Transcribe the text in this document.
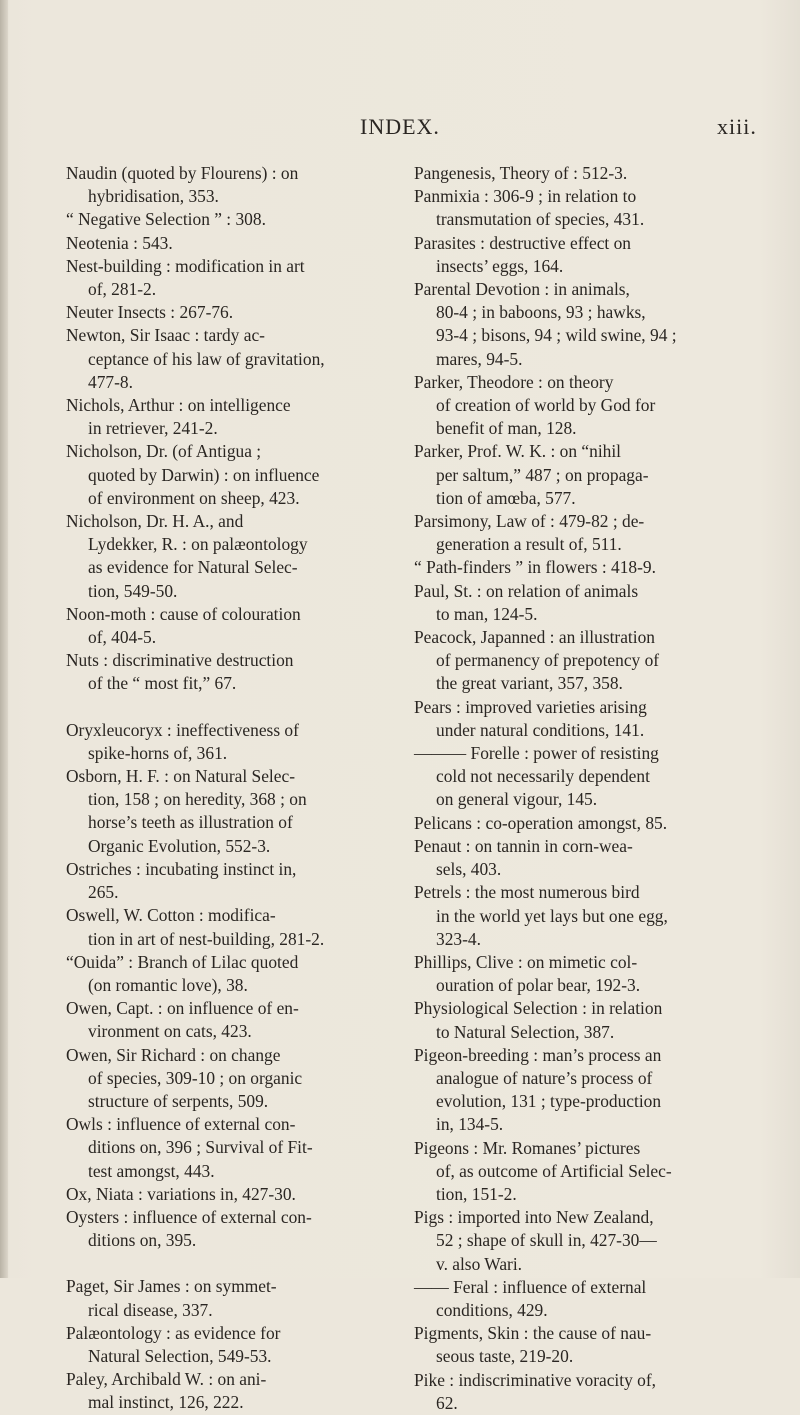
INDEX.	xiii.
Naudin (quoted by Flourens) : on
hybridisation, 353.
“ Negative Selection ” : 308.
Neotenia : 543.
Nest-building : modification in art
of, 281-2.
Neuter Insects : 267-76.
Newton, Sir Isaac : tardy ac-
ceptance of his law of gravitation,
477-8.
Nichols, Arthur : on intelligence
in retriever, 241-2.
Nicholson, Dr. (of Antigua ;
quoted by Darwin) : on influence
of environment on sheep, 423.
Nicholson, Dr. H. A., and
Lydekker, R. : on palæontology
as evidence for Natural Selec-
tion, 549-50.
Noon-moth : cause of colouration
of, 404-5.
Nuts : discriminative destruction
of the “ most fit,” 67.
Oryxleucoryx : ineffectiveness of
spike-horns of, 361.
Osborn, H. F. : on Natural Selec-
tion, 158 ; on heredity, 368 ; on
horse’s teeth as illustration of
Organic Evolution, 552-3.
Ostriches : incubating instinct in,
265.
Oswell, W. Cotton : modifica-
tion in art of nest-building, 281-2.
“Ouida” : Branch of Lilac quoted
(on romantic love), 38.
Owen, Capt. : on influence of en-
vironment on cats, 423.
Owen, Sir Richard : on change
of species, 309-10 ; on organic
structure of serpents, 509.
Owls : influence of external con-
ditions on, 396 ; Survival of Fit-
test amongst, 443.
Ox, Niata : variations in, 427-30.
Oysters : influence of external con-
ditions on, 395.
Paget, Sir James : on symmet-
rical disease, 337.
Palæontology : as evidence for
Natural Selection, 549-53.
Paley, Archibald W. : on ani-
mal instinct, 126, 222.
Pangenesis, Theory of : 512-3.
Panmixia : 306-9 ; in relation to
transmutation of species, 431.
Parasites : destructive effect on
insects’ eggs, 164.
Parental Devotion : in animals,
80-4 ; in baboons, 93 ; hawks,
93-4 ; bisons, 94 ; wild swine, 94 ;
mares, 94-5.
Parker, Theodore : on theory
of creation of world by God for
benefit of man, 128.
Parker, Prof. W. K. : on “nihil
per saltum,” 487 ; on propaga-
tion of amœba, 577.
Parsimony, Law of : 479-82 ; de-
generation a result of, 511.
“ Path-finders ” in flowers : 418-9.
Paul, St. : on relation of animals
to man, 124-5.
Peacock, Japanned : an illustration
of permanency of prepotency of
the great variant, 357, 358.
Pears : improved varieties arising
under natural conditions, 141.
——— Forelle : power of resisting
cold not necessarily dependent
on general vigour, 145.
Pelicans : co-operation amongst, 85.
Penaut : on tannin in corn-wea-
sels, 403.
Petrels : the most numerous bird
in the world yet lays but one egg,
323-4.
Phillips, Clive : on mimetic col-
ouration of polar bear, 192-3.
Physiological Selection : in relation
to Natural Selection, 387.
Pigeon-breeding : man’s process an
analogue of nature’s process of
evolution, 131 ; type-production
in, 134-5.
Pigeons : Mr. Romanes’ pictures
of, as outcome of Artificial Selec-
tion, 151-2.
Pigs : imported into New Zealand,
52 ; shape of skull in, 427-30—
v. also Wari.
—— Feral : influence of external
conditions, 429.
Pigments, Skin : the cause of nau-
seous taste, 219-20.
Pike : indiscriminative voracity of,
62.
